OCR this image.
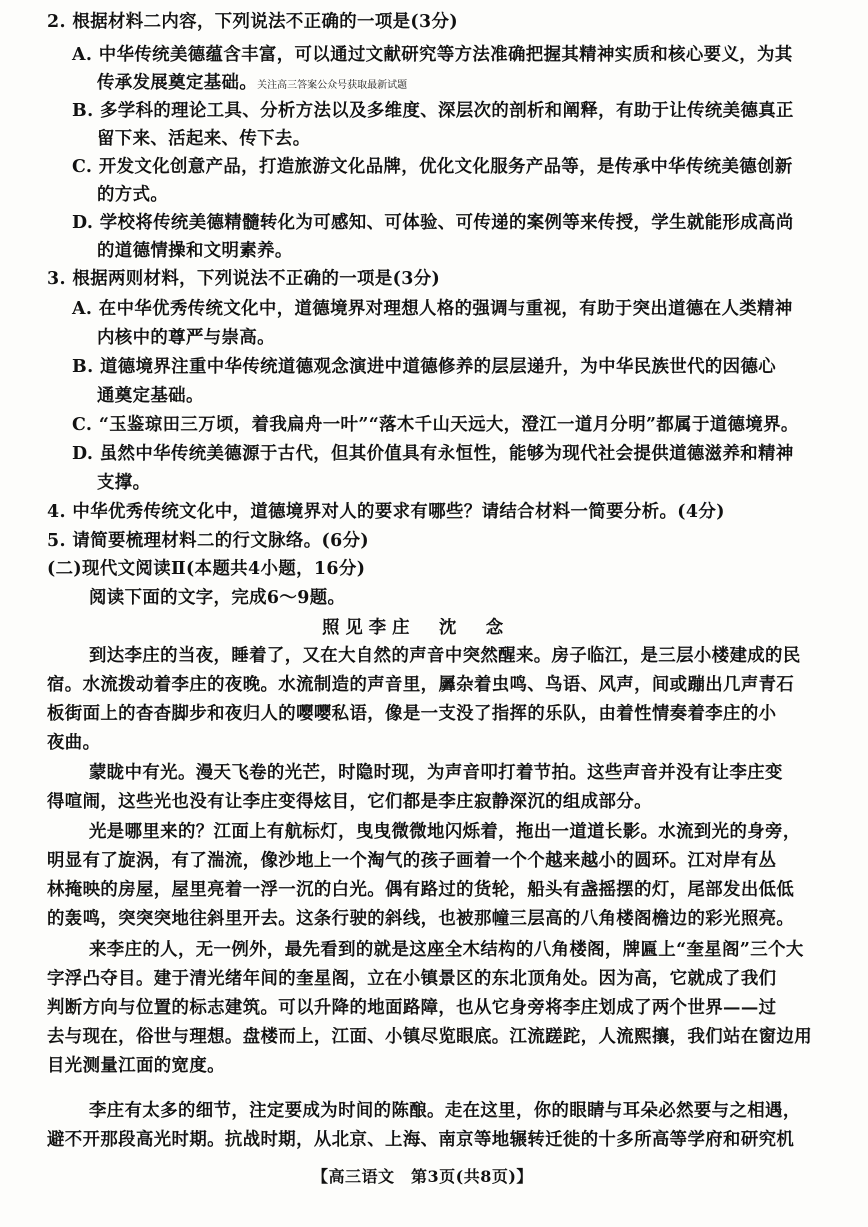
2. 根据材料二内容，下列说法不正确的一项是(3分)
A. 中华传统美德蕴含丰富，可以通过文献研究等方法准确把握其精神实质和核心要义，为其
传承发展奠定基础。关注高三答案公众号获取最新试题
B. 多学科的理论工具、分析方法以及多维度、深层次的剖析和阐释，有助于让传统美德真正
留下来、活起来、传下去。
C. 开发文化创意产品，打造旅游文化品牌，优化文化服务产品等，是传承中华传统美德创新
的方式。
D. 学校将传统美德精髓转化为可感知、可体验、可传递的案例等来传授，学生就能形成高尚
的道德情操和文明素养。
3. 根据两则材料，下列说法不正确的一项是(3分)
A. 在中华优秀传统文化中，道德境界对理想人格的强调与重视，有助于突出道德在人类精神
内核中的尊严与崇高。
B. 道德境界注重中华传统道德观念演进中道德修养的层层递升，为中华民族世代的因德心
通奠定基础。
C. “玉鉴琼田三万顷，着我扁舟一叶”“落木千山天远大，澄江一道月分明”都属于道德境界。
D. 虽然中华传统美德源于古代，但其价值具有永恒性，能够为现代社会提供道德滋养和精神
支撑。
4. 中华优秀传统文化中，道德境界对人的要求有哪些？请结合材料一简要分析。(4分)
5. 请简要梳理材料二的行文脉络。(6分)
(二)现代文阅读Ⅱ(本题共4小题，16分)
阅读下面的文字，完成6～9题。
照见李庄　沈　念
到达李庄的当夜，睡着了，又在大自然的声音中突然醒来。房子临江，是三层小楼建成的民
宿。水流拨动着李庄的夜晚。水流制造的声音里，羼杂着虫鸣、鸟语、风声，间或蹦出几声青石
板街面上的杳杳脚步和夜归人的嘤嘤私语，像是一支没了指挥的乐队，由着性情奏着李庄的小
夜曲。
蒙眬中有光。漫天飞卷的光芒，时隐时现，为声音叩打着节拍。这些声音并没有让李庄变
得喧闹，这些光也没有让李庄变得炫目，它们都是李庄寂静深沉的组成部分。
光是哪里来的？江面上有航标灯，曳曳微微地闪烁着，拖出一道道长影。水流到光的身旁，
明显有了旋涡，有了湍流，像沙地上一个淘气的孩子画着一个个越来越小的圆环。江对岸有丛
林掩映的房屋，屋里亮着一浮一沉的白光。偶有路过的货轮，船头有盏摇摆的灯，尾部发出低低
的轰鸣，突突突地往斜里开去。这条行驶的斜线，也被那幢三层高的八角楼阁檐边的彩光照亮。
来李庄的人，无一例外，最先看到的就是这座全木结构的八角楼阁，牌匾上“奎星阁”三个大
字浮凸夺目。建于清光绪年间的奎星阁，立在小镇景区的东北顶角处。因为高，它就成了我们
判断方向与位置的标志建筑。可以升降的地面路障，也从它身旁将李庄划成了两个世界——过
去与现在，俗世与理想。盘楼而上，江面、小镇尽览眼底。江流蹉跎，人流熙攘，我们站在窗边用
目光测量江面的宽度。
李庄有太多的细节，注定要成为时间的陈酿。走在这里，你的眼睛与耳朵必然要与之相遇，
避不开那段高光时期。抗战时期，从北京、上海、南京等地辗转迁徙的十多所高等学府和研究机
【高三语文　第3页(共8页)】
